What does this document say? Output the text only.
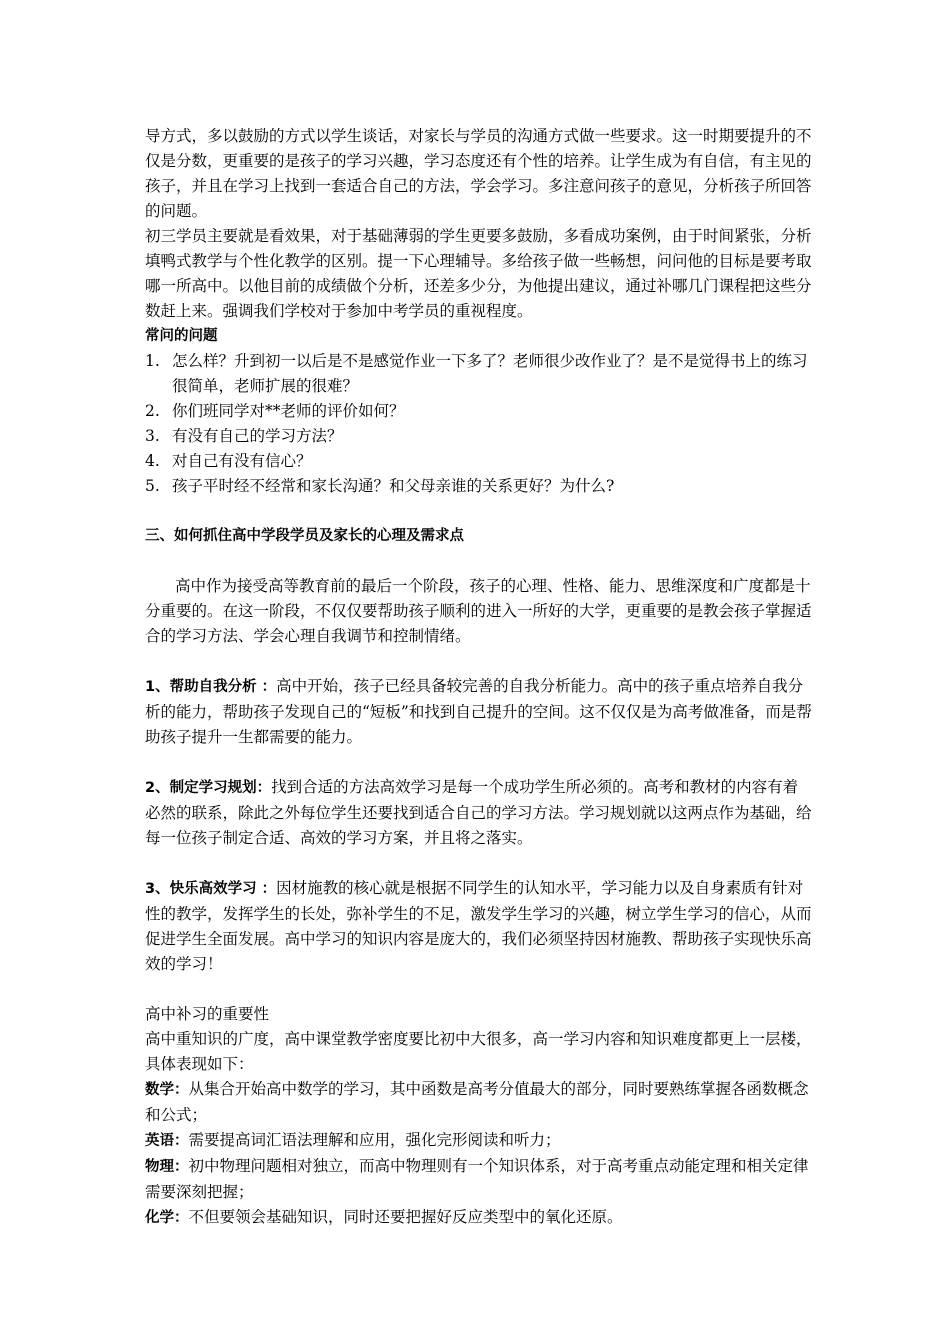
导方式，多以鼓励的方式以学生谈话，对家长与学员的沟通方式做一些要求。这一时期要提升的不仅是分数，更重要的是孩子的学习兴趣，学习态度还有个性的培养。让学生成为有自信，有主见的孩子，并且在学习上找到一套适合自己的方法，学会学习。多注意问孩子的意见，分析孩子所回答的问题。

初三学员主要就是看效果，对于基础薄弱的学生更要多鼓励，多看成功案例，由于时间紧张，分析填鸭式教学与个性化教学的区别。提一下心理辅导。多给孩子做一些畅想，问问他的目标是要考取哪一所高中。以他目前的成绩做个分析，还差多少分，为他提出建议，通过补哪几门课程把这些分数赶上来。强调我们学校对于参加中考学员的重视程度。

常问的问题

1. 怎么样？升到初一以后是不是感觉作业一下多了？老师很少改作业了？是不是觉得书上的练习很简单，老师扩展的很难？
2. 你们班同学对**老师的评价如何？
3. 有没有自己的学习方法？
4. 对自己有没有信心？
5. 孩子平时经不经常和家长沟通？和父母亲谁的关系更好？为什么?

三、如何抓住高中学段学员及家长的心理及需求点

高中作为接受高等教育前的最后一个阶段，孩子的心理、性格、能力、思维深度和广度都是十分重要的。在这一阶段，不仅仅要帮助孩子顺利的进入一所好的大学，更重要的是教会孩子掌握适合的学习方法、学会心理自我调节和控制情绪。

1、帮助自我分析 ：高中开始，孩子已经具备较完善的自我分析能力。高中的孩子重点培养自我分析的能力，帮助孩子发现自己的“短板”和找到自己提升的空间。这不仅仅是为高考做准备，而是帮助孩子提升一生都需要的能力。

2、制定学习规划：找到合适的方法高效学习是每一个成功学生所必须的。高考和教材的内容有着必然的联系，除此之外每位学生还要找到适合自己的学习方法。学习规划就以这两点作为基础，给每一位孩子制定合适、高效的学习方案，并且将之落实。

3、快乐高效学习 ：因材施教的核心就是根据不同学生的认知水平，学习能力以及自身素质有针对性的教学，发挥学生的长处，弥补学生的不足，激发学生学习的兴趣，树立学生学习的信心，从而促进学生全面发展。高中学习的知识内容是庞大的，我们必须坚持因材施教、帮助孩子实现快乐高效的学习！

高中补习的重要性

高中重知识的广度，高中课堂教学密度要比初中大很多，高一学习内容和知识难度都更上一层楼，具体表现如下：

数学：从集合开始高中数学的学习，其中函数是高考分值最大的部分，同时要熟练掌握各函数概念和公式；

英语：需要提高词汇语法理解和应用，强化完形阅读和听力；

物理：初中物理问题相对独立，而高中物理则有一个知识体系，对于高考重点动能定理和相关定律需要深刻把握；

化学：不但要领会基础知识，同时还要把握好反应类型中的氧化还原。
